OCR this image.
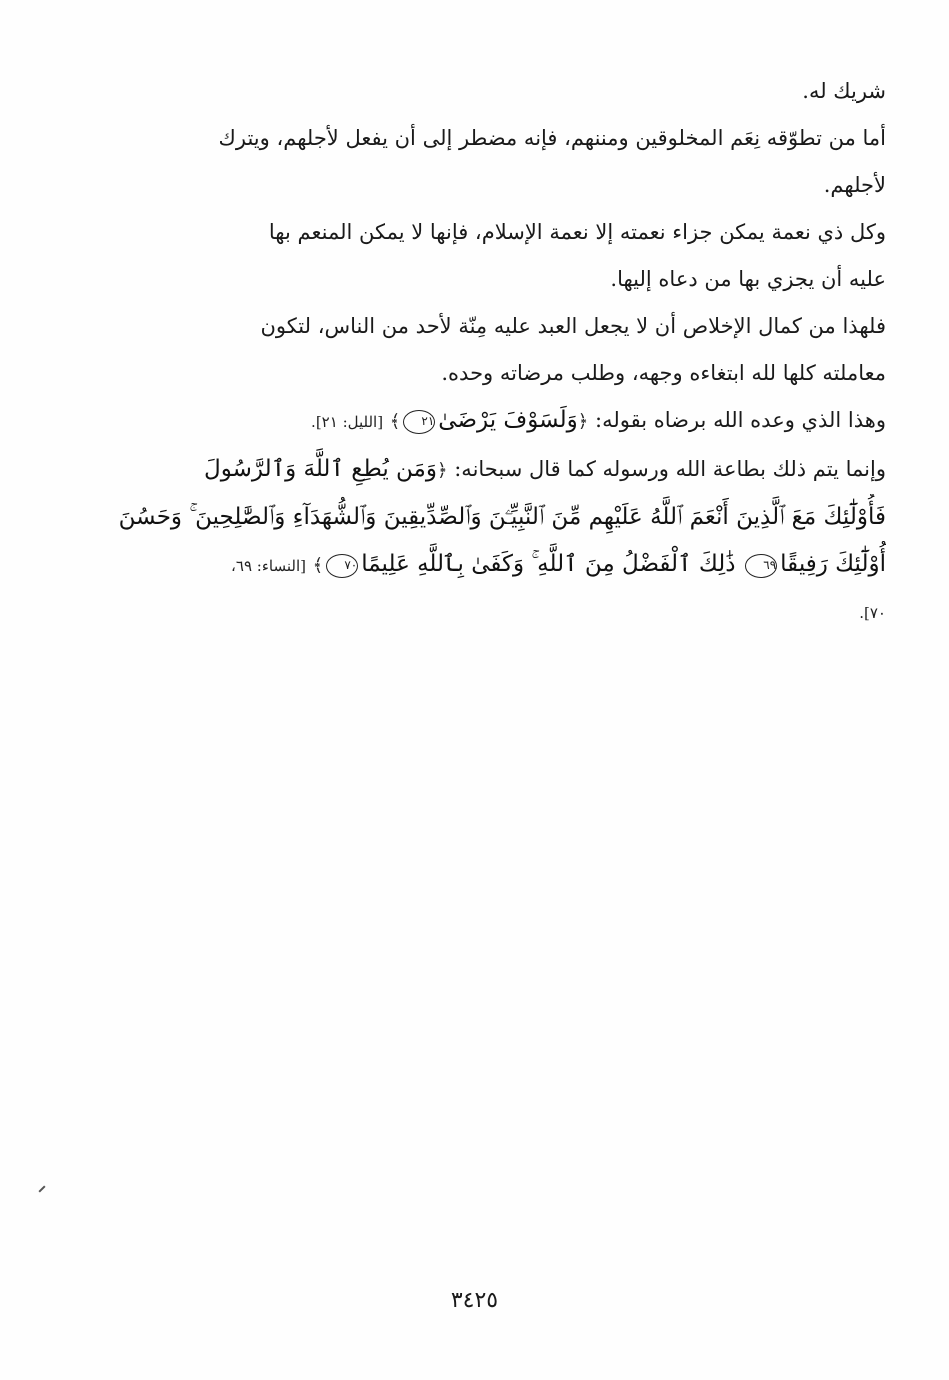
شريك له.
أما من تطوّقه نِعَم المخلوقين ومننهم، فإنه مضطر إلى أن يفعل لأجلهم، ويترك
لأجلهم.
وكل ذي نعمة يمكن جزاء نعمته إلا نعمة الإسلام، فإنها لا يمكن المنعم بها
عليه أن يجزي بها من دعاه إليها.
فلهذا من كمال الإخلاص أن لا يجعل العبد عليه مِنّة لأحد من الناس، لتكون
معاملته كلها لله ابتغاءه وجهه، وطلب مرضاته وحده.
وهذا الذي وعده الله برضاه بقوله: ﴿وَلَسَوْفَ يَرْضَىٰ٢١﴾ [الليل: ٢١].
وإنما يتم ذلك بطاعة الله ورسوله كما قال سبحانه: ﴿وَمَن يُطِعِ ٱللَّهَ وَٱلرَّسُولَ
فَأُوْلَٰٓئِكَ مَعَ ٱلَّذِينَ أَنْعَمَ ٱللَّهُ عَلَيْهِم مِّنَ ٱلنَّبِيِّـۧنَ وَٱلصِّدِّيقِينَ وَٱلشُّهَدَآءِ وَٱلصَّٰلِحِينَ ۚ وَحَسُنَ
أُوْلَٰٓئِكَ رَفِيقًا٦٩ ذَٰلِكَ ٱلْفَضْلُ مِنَ ٱللَّهِ ۚ وَكَفَىٰ بِٱللَّهِ عَلِيمًا٧٠﴾ [النساء: ٦٩،
٧٠].
٣٤٢٥
